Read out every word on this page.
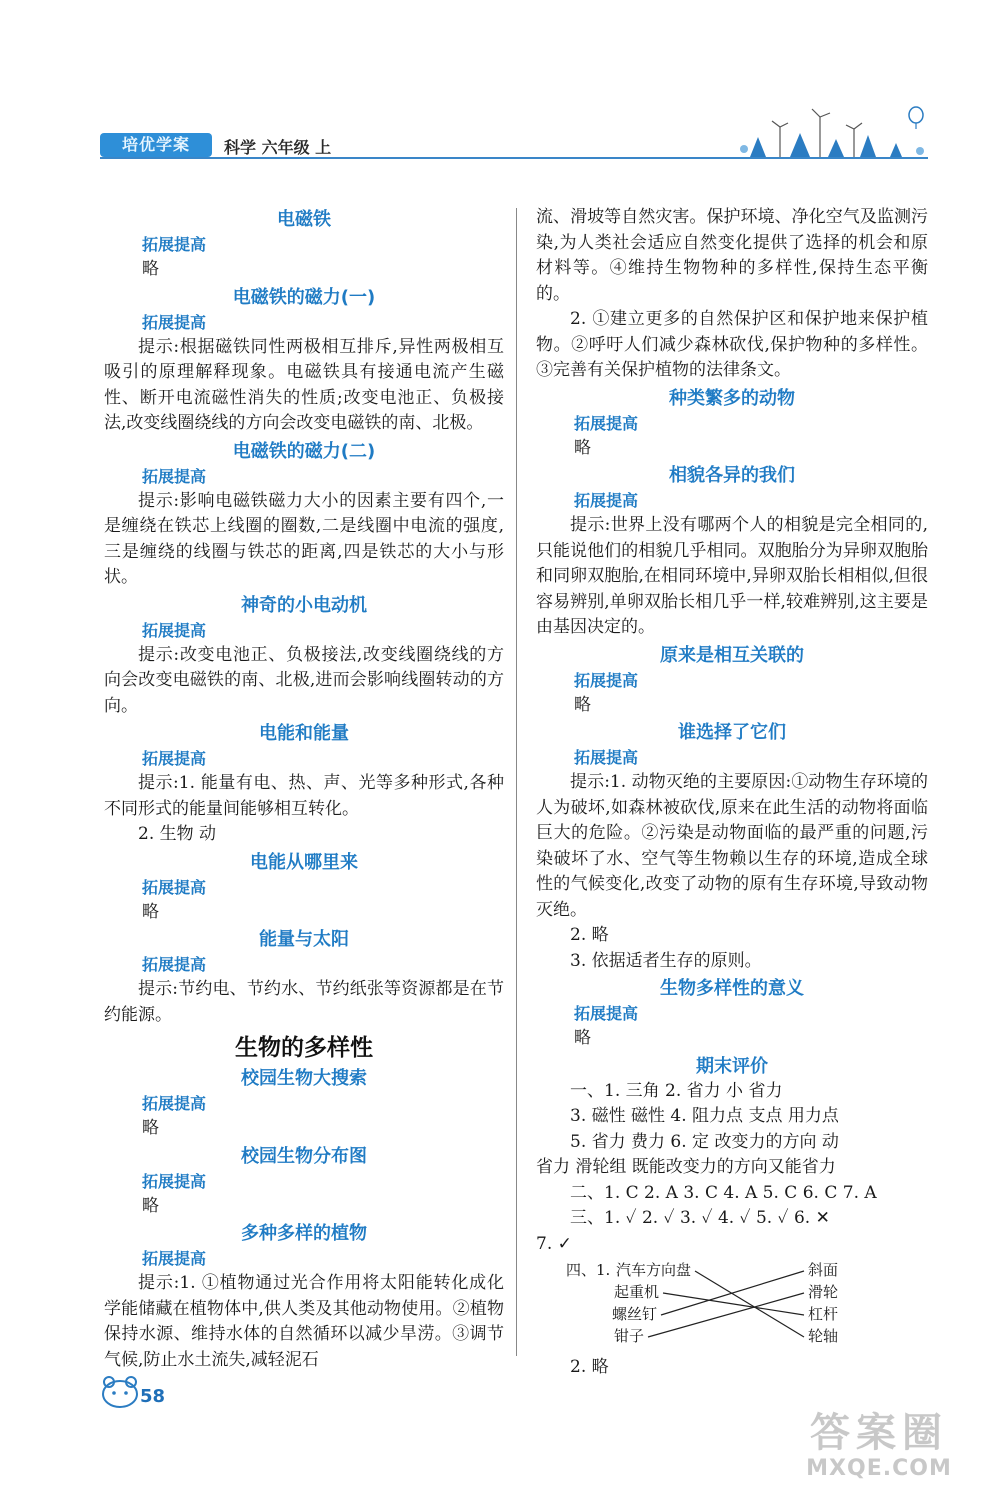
培优学案	科学 六年级 上
电磁铁
拓展提高
略
电磁铁的磁力(一)
拓展提高
提示:根据磁铁同性两极相互排斥,异性两极相互吸引的原理解释现象。电磁铁具有接通电流产生磁性、断开电流磁性消失的性质;改变电池正、负极接法,改变线圈绕线的方向会改变电磁铁的南、北极。
电磁铁的磁力(二)
拓展提高
提示:影响电磁铁磁力大小的因素主要有四个,一是缠绕在铁芯上线圈的圈数,二是线圈中电流的强度,三是缠绕的线圈与铁芯的距离,四是铁芯的大小与形状。
神奇的小电动机
拓展提高
提示:改变电池正、负极接法,改变线圈绕线的方向会改变电磁铁的南、北极,进而会影响线圈转动的方向。
电能和能量
拓展提高
提示:1. 能量有电、热、声、光等多种形式,各种不同形式的能量间能够相互转化。
2. 生物 动
电能从哪里来
拓展提高
略
能量与太阳
拓展提高
提示:节约电、节约水、节约纸张等资源都是在节约能源。
生物的多样性
校园生物大搜索
拓展提高
略
校园生物分布图
拓展提高
略
多种多样的植物
拓展提高
提示:1. ①植物通过光合作用将太阳能转化成化学能储藏在植物体中,供人类及其他动物使用。②植物保持水源、维持水体的自然循环以减少旱涝。③调节气候,防止水土流失,减轻泥石
流、滑坡等自然灾害。保护环境、净化空气及监测污染,为人类社会适应自然变化提供了选择的机会和原材料等。④维持生物物种的多样性,保持生态平衡的。
2. ①建立更多的自然保护区和保护地来保护植物。②呼吁人们减少森林砍伐,保护物种的多样性。③完善有关保护植物的法律条文。
种类繁多的动物
拓展提高
略
相貌各异的我们
拓展提高
提示:世界上没有哪两个人的相貌是完全相同的,只能说他们的相貌几乎相同。双胞胎分为异卵双胞胎和同卵双胞胎,在相同环境中,异卵双胎长相相似,但很容易辨别,单卵双胎长相几乎一样,较难辨别,这主要是由基因决定的。
原来是相互关联的
拓展提高
略
谁选择了它们
拓展提高
提示:1. 动物灭绝的主要原因:①动物生存环境的人为破坏,如森林被砍伐,原来在此生活的动物将面临巨大的危险。②污染是动物面临的最严重的问题,污染破坏了水、空气等生物赖以生存的环境,造成全球性的气候变化,改变了动物的原有生存环境,导致动物灭绝。
2. 略
3. 依据适者生存的原则。
生物多样性的意义
拓展提高
略
期末评价
一、1. 三角 2. 省力 小 省力
3. 磁性 磁性 4. 阻力点 支点 用力点
5. 省力 费力 6. 定 改变力的方向 动
省力 滑轮组 既能改变力的方向又能省力
二、1. C 2. A 3. C 4. A 5. C 6. C 7. A
三、1. ✓ 2. ✓ 3. ✓ 4. ✓ 5. ✓ 6. ✕
7. ✓
四、1. 汽车方向盘
起重机
螺丝钉
钳子
斜面
滑轮
杠杆
轮轴
2. 略
58
答案圈
MXQE.COM
